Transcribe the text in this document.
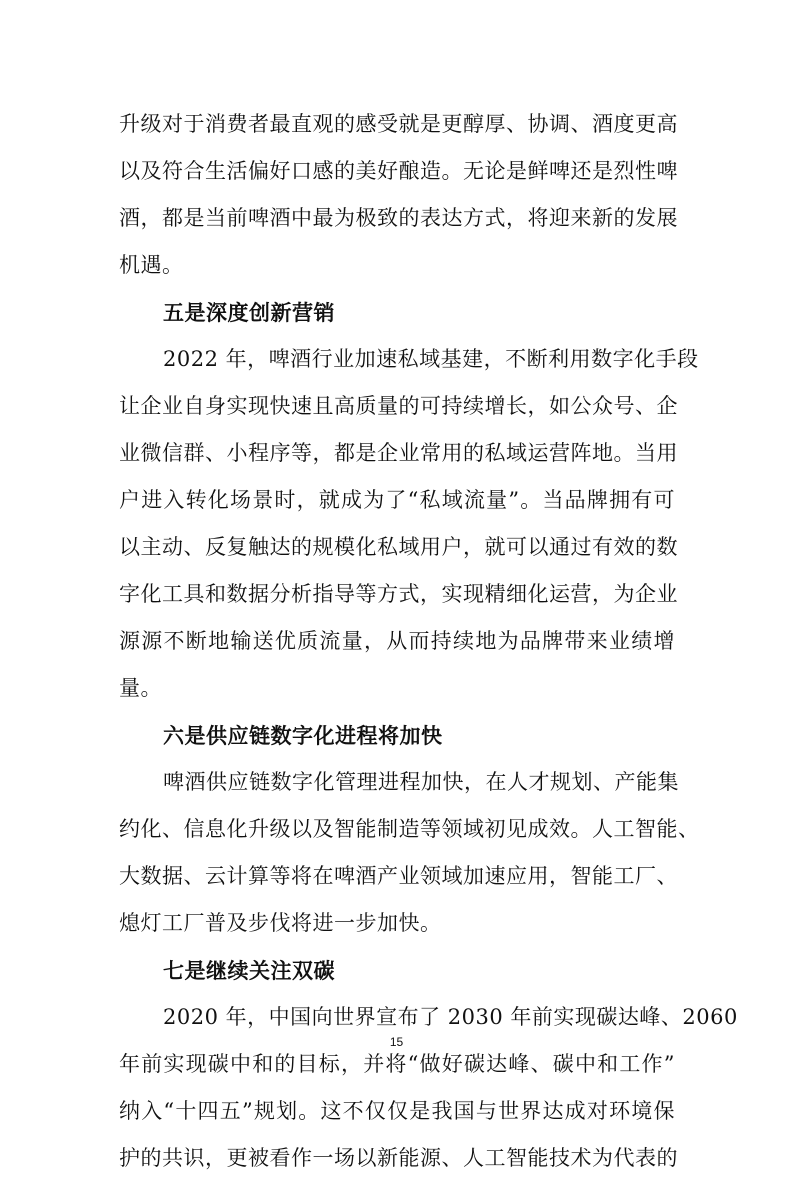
升级对于消费者最直观的感受就是更醇厚、协调、酒度更高
以及符合生活偏好口感的美好酿造。无论是鲜啤还是烈性啤
酒，都是当前啤酒中最为极致的表达方式，将迎来新的发展
机遇。
五是深度创新营销
2022 年，啤酒行业加速私域基建，不断利用数字化手段
让企业自身实现快速且高质量的可持续增长，如公众号、企
业微信群、小程序等，都是企业常用的私域运营阵地。当用
户进入转化场景时，就成为了“私域流量”。当品牌拥有可
以主动、反复触达的规模化私域用户，就可以通过有效的数
字化工具和数据分析指导等方式，实现精细化运营，为企业
源源不断地输送优质流量，从而持续地为品牌带来业绩增
量。
六是供应链数字化进程将加快
啤酒供应链数字化管理进程加快，在人才规划、产能集
约化、信息化升级以及智能制造等领域初见成效。人工智能、
大数据、云计算等将在啤酒产业领域加速应用，智能工厂、
熄灯工厂普及步伐将进一步加快。
七是继续关注双碳
2020 年，中国向世界宣布了 2030 年前实现碳达峰、2060
年前实现碳中和的目标，并将“做好碳达峰、碳中和工作”
纳入“十四五”规划。这不仅仅是我国与世界达成对环境保
护的共识，更被看作一场以新能源、人工智能技术为代表的
15
